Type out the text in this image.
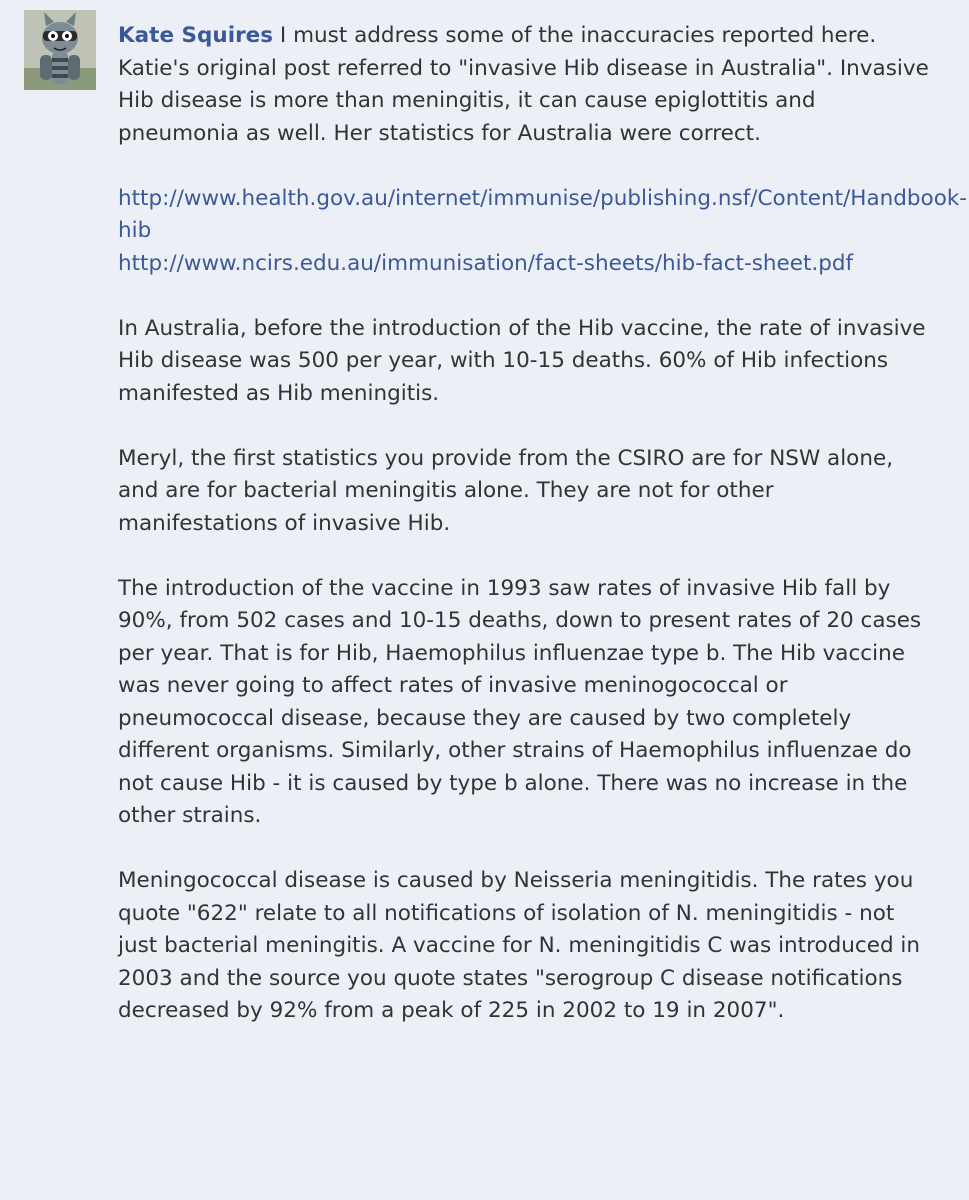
Kate Squires I must address some of the inaccuracies reported here. Katie's original post referred to "invasive Hib disease in Australia". Invasive Hib disease is more than meningitis, it can cause epiglottitis and pneumonia as well. Her statistics for Australia were correct.

http://www.health.gov.au/internet/immunise/publishing.nsf/Content/Handbook-hib
http://www.ncirs.edu.au/immunisation/fact-sheets/hib-fact-sheet.pdf

In Australia, before the introduction of the Hib vaccine, the rate of invasive Hib disease was 500 per year, with 10-15 deaths. 60% of Hib infections manifested as Hib meningitis.

Meryl, the first statistics you provide from the CSIRO are for NSW alone, and are for bacterial meningitis alone. They are not for other manifestations of invasive Hib.

The introduction of the vaccine in 1993 saw rates of invasive Hib fall by 90%, from 502 cases and 10-15 deaths, down to present rates of 20 cases per year. That is for Hib, Haemophilus influenzae type b. The Hib vaccine was never going to affect rates of invasive meninogococcal or pneumococcal disease, because they are caused by two completely different organisms. Similarly, other strains of Haemophilus influenzae do not cause Hib - it is caused by type b alone. There was no increase in the other strains.

Meningococcal disease is caused by Neisseria meningitidis. The rates you quote "622" relate to all notifications of isolation of N. meningitidis - not just bacterial meningitis. A vaccine for N. meningitidis C was introduced in 2003 and the source you quote states "serogroup C disease notifications decreased by 92% from a peak of 225 in 2002 to 19 in 2007".
